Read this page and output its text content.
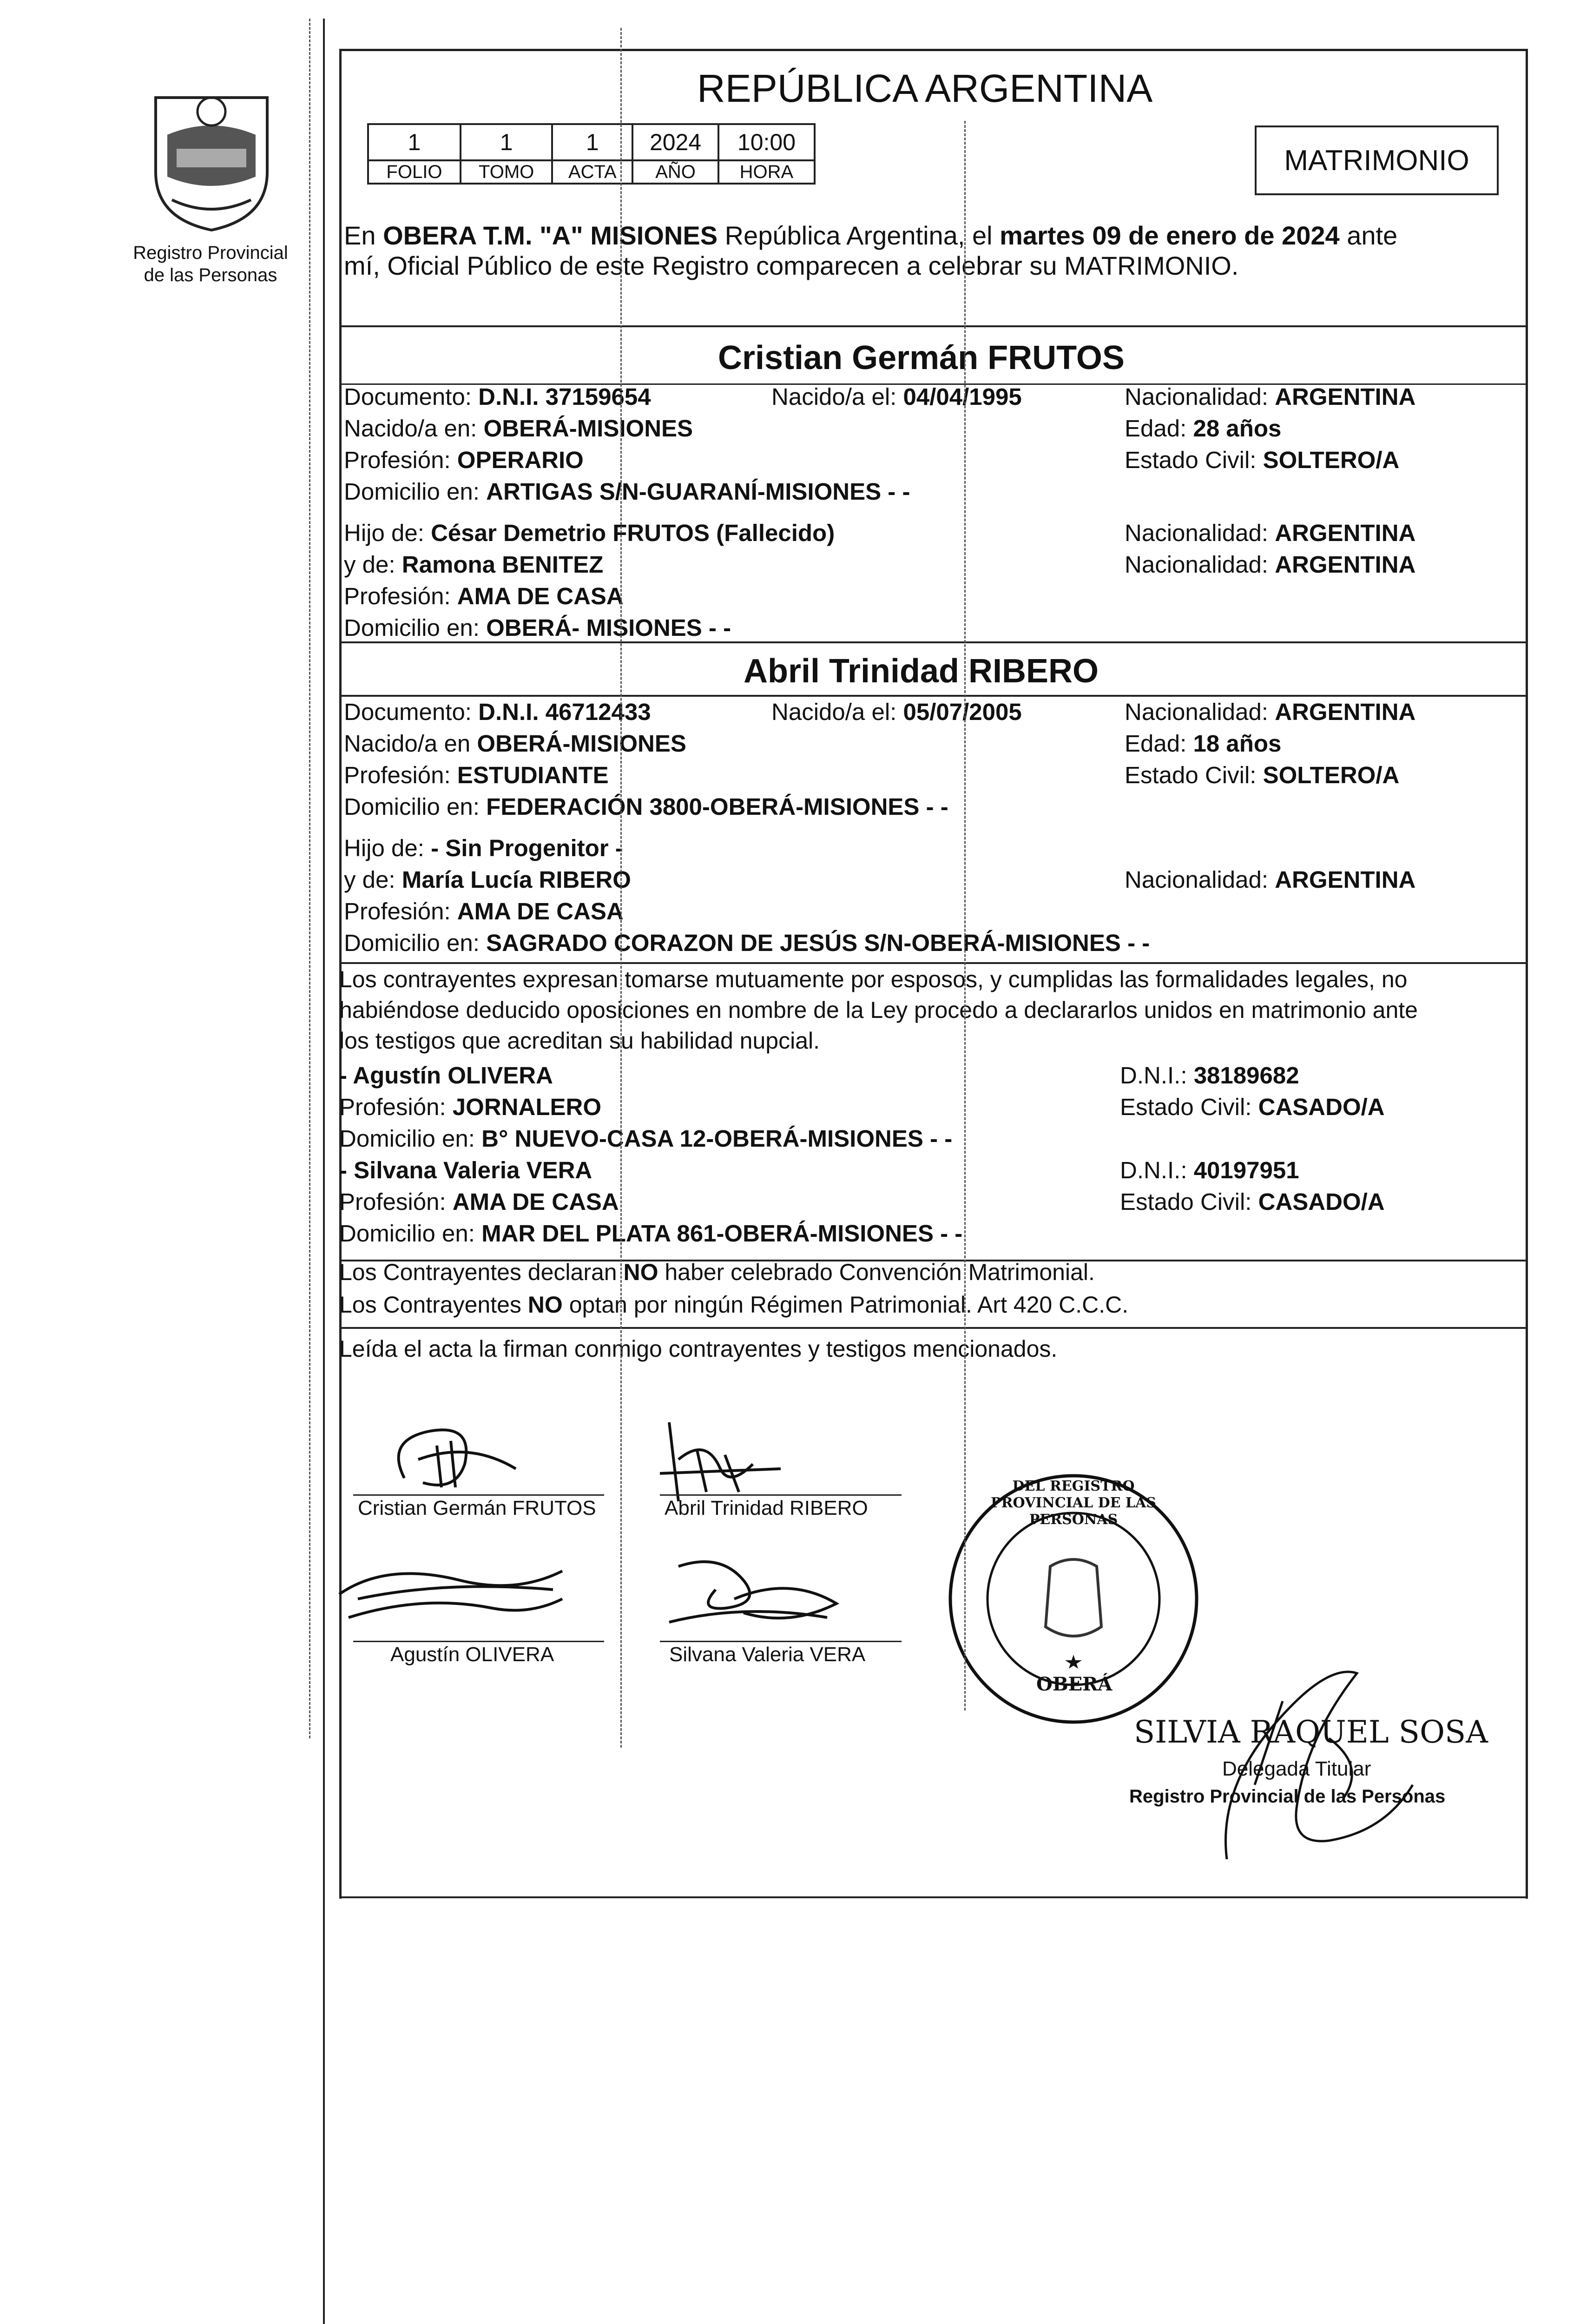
Registro Provincial
de las Personas
REPÚBLICA ARGENTINA
1	1	1	2024	10:00
FOLIO	TOMO	ACTA	AÑO	HORA	MATRIMONIO
En OBERA T.M. "A" MISIONES República Argentina, el martes 09 de enero de 2024 ante
mí, Oficial Público de este Registro comparecen a celebrar su MATRIMONIO.
Cristian Germán FRUTOS
Documento: D.N.I. 37159654	Nacido/a el: 04/04/1995	Nacionalidad: ARGENTINA
Nacido/a en: OBERÁ-MISIONES	Edad: 28 años
Profesión: OPERARIO	Estado Civil: SOLTERO/A
Domicilio en: ARTIGAS S/N-GUARANÍ-MISIONES - -
Hijo de: César Demetrio FRUTOS (Fallecido)	Nacionalidad: ARGENTINA
y de: Ramona BENITEZ	Nacionalidad: ARGENTINA
Profesión: AMA DE CASA
Domicilio en: OBERÁ- MISIONES - -
Abril Trinidad RIBERO
Documento: D.N.I. 46712433	Nacido/a el: 05/07/2005	Nacionalidad: ARGENTINA
Nacido/a en OBERÁ-MISIONES	Edad: 18 años
Profesión: ESTUDIANTE	Estado Civil: SOLTERO/A
Domicilio en: FEDERACIÓN 3800-OBERÁ-MISIONES - -
Hijo de: - Sin Progenitor -
y de: María Lucía RIBERO	Nacionalidad: ARGENTINA
Profesión: AMA DE CASA
Domicilio en: SAGRADO CORAZON DE JESÚS S/N-OBERÁ-MISIONES - -
Los contrayentes expresan tomarse mutuamente por esposos, y cumplidas las formalidades legales, no
habiéndose deducido oposiciones en nombre de la Ley procedo a declararlos unidos en matrimonio ante
los testigos que acreditan su habilidad nupcial.
- Agustín OLIVERA	D.N.I.: 38189682
Profesión: JORNALERO	Estado Civil: CASADO/A
Domicilio en: B° NUEVO-CASA 12-OBERÁ-MISIONES - -
- Silvana Valeria VERA	D.N.I.: 40197951
Profesión: AMA DE CASA	Estado Civil: CASADO/A
Domicilio en: MAR DEL PLATA 861-OBERÁ-MISIONES - -
Los Contrayentes declaran NO haber celebrado Convención Matrimonial.
Los Contrayentes NO optan por ningún Régimen Patrimonial. Art 420 C.C.C.
Leída el acta la firman conmigo contrayentes y testigos mencionados.
Cristian Germán FRUTOS	Abril Trinidad RIBERO
Agustín OLIVERA	Silvana Valeria VERA
DEL REGISTRO PROVINCIAL DE LAS PERSONAS
OBERÁ
SILVIA RAQUEL SOSA
Delegada Titular
Registro Provincial de las Personas
